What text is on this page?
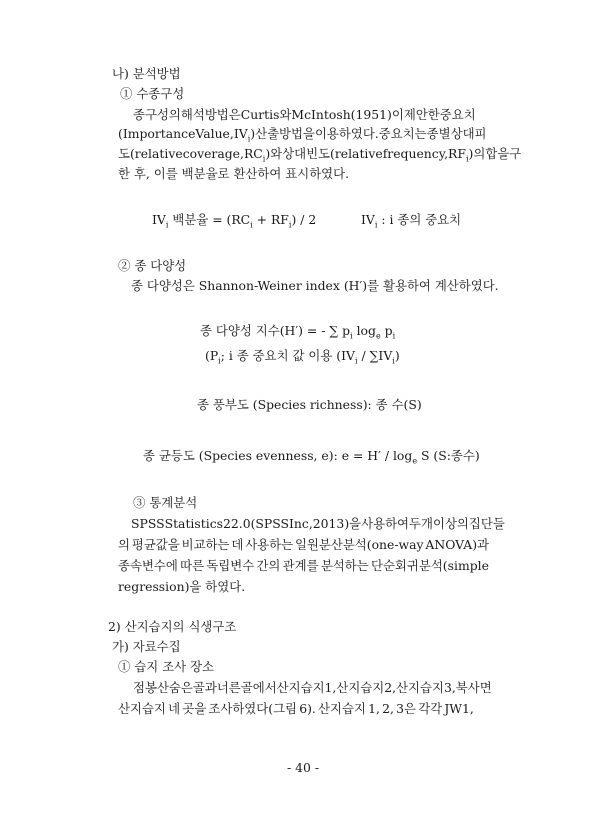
나) 분석방법
① 수종구성
종구성의 해석방법은 Curtis와 McIntosh(1951)이 제안한 중요치
(Importance Value, $IV_i$) 산출방법을 이용하였다. 중요치는 종별 상대피
도(relative coverage, $RC_i$)와 상대빈도(relative frequency, $RF_i$)의 합을 구
한 후, 이를 백분율로 환산하여 표시하였다.
$IV_i$ 백분율 = $(RC_i + RF_i) / 2$	$IV_i$ : i 종의 중요치
② 종 다양성
종 다양성은 Shannon-Weiner index (H′)를 활용하여 계산하였다.
종 다양성 지수(H′) = - ∑ $p_i$ $\log_e p_i$
($P_i$; i 종 중요치 값 이용 $(IV_i / \sum IV_i)$
종 풍부도 (Species richness): 종 수(S)
종 균등도 (Species evenness, e): $e = H' / \log_e S$ (S:종수)
③ 통계분석
SPSS Statistics 22.0(SPSS Inc, 2013)을 사용하여 두 개 이상의 집단들
의 평균값을 비교하는 데 사용하는 일원분산분석(one-way ANOVA)과
종속변수에 따른 독립변수 간의 관계를 분석하는 단순회귀분석(simple
regression)을 하였다.
2) 산지습지의 식생구조
가) 자료수집
① 습지 조사 장소
점봉산 숨은골과 너른골에서 산지습지1, 산지습지2, 산지습지3, 북사면
산지습지 네 곳을 조사하였다(그림 6). 산지습지 1, 2, 3은 각각 JW1,
- 40 -
